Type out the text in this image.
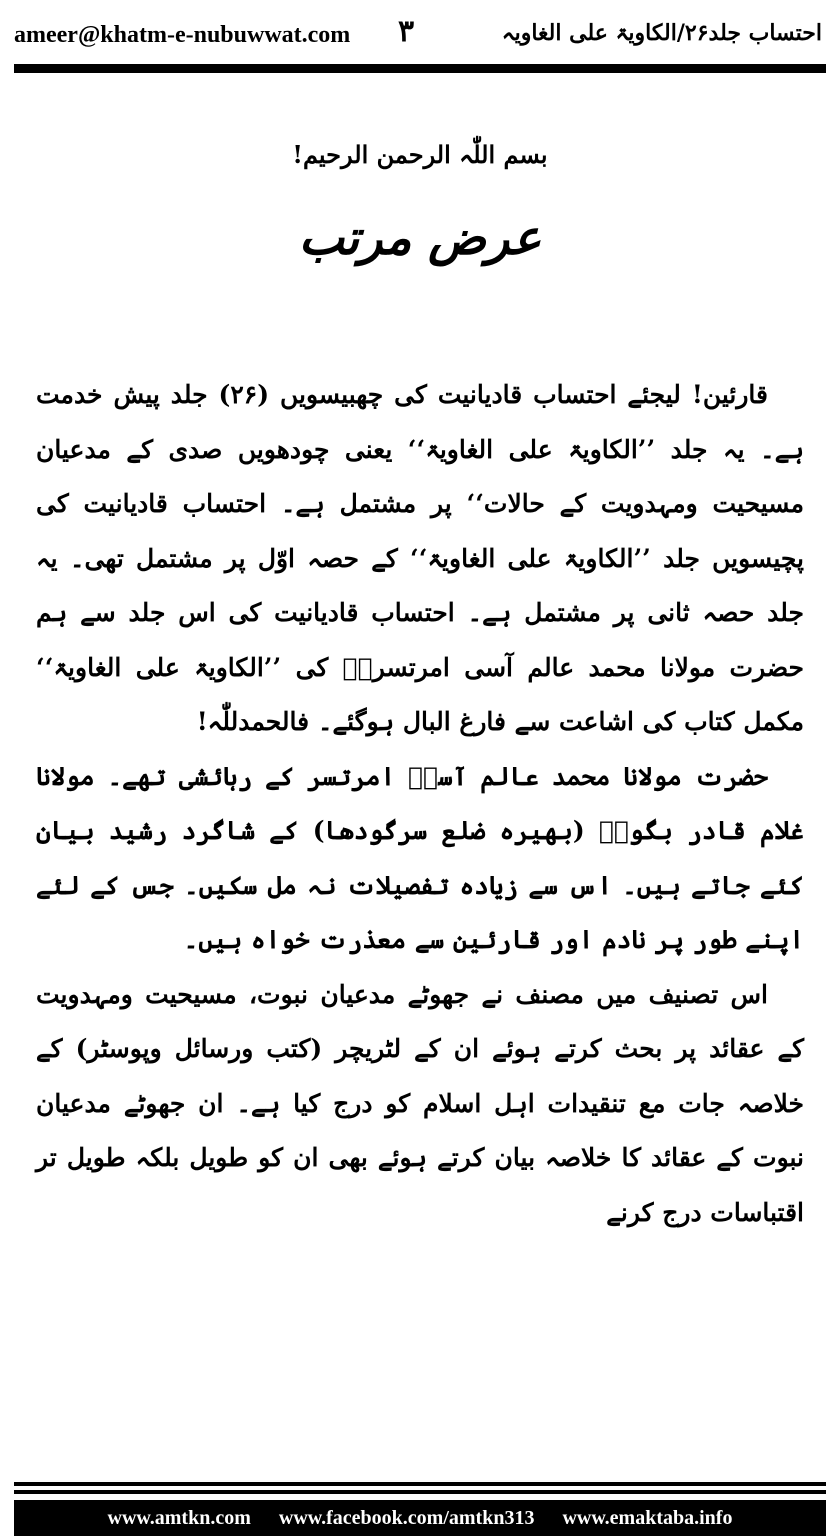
ameer@khatm-e-nubuwwat.com ۳	احتساب جلد۲۶/الکاویۃ علی الغاویہ
بسم اللّٰہ الرحمن الرحیم!
عرض مرتب

قارئین! لیجئے احتساب قادیانیت کی چھبیسویں (۲۶) جلد پیش خدمت ہے۔ یہ جلد ’’الکاویۃ علی الغاویۃ‘‘ یعنی چودھویں صدی کے مدعیان مسیحیت ومہدویت کے حالات‘‘ پر مشتمل ہے۔ احتساب قادیانیت کی پچیسویں جلد ’’الکاویۃ علی الغاویۃ‘‘ کے حصہ اوّل پر مشتمل تھی۔ یہ جلد حصہ ثانی پر مشتمل ہے۔ احتساب قادیانیت کی اس جلد سے ہم حضرت مولانا محمد عالم آسی امرتسریؒ کی ’’الکاویۃ علی الغاویۃ‘‘ مکمل کتاب کی اشاعت سے فارغ البال ہوگئے۔ فالحمدللّٰہ!

حضرت مولانا محمد عالم آسیؒ امرتسر کے رہائشی تھے۔ مولانا غلام قادر بگویؒ (بھیرہ ضلع سرگودھا) کے شاگرد رشید بیان کئے جاتے ہیں۔ اس سے زیادہ تفصیلات نہ مل سکیں۔ جس کے لئے اپنے طور پر نادم اور قارئین سے معذرت خواہ ہیں۔

اس تصنیف میں مصنف نے جھوٹے مدعیان نبوت، مسیحیت ومہدویت کے عقائد پر بحث کرتے ہوئے ان کے لٹریچر (کتب ورسائل وپوسٹر) کے خلاصہ جات مع تنقیدات اہل اسلام کو درج کیا ہے۔ ان جھوٹے مدعیان نبوت کے عقائد کا خلاصہ بیان کرتے ہوئے بھی ان کو طویل بلکہ طویل تر اقتباسات درج کرنے

www.amtkn.com www.facebook.com/amtkn313 www.emaktaba.info
